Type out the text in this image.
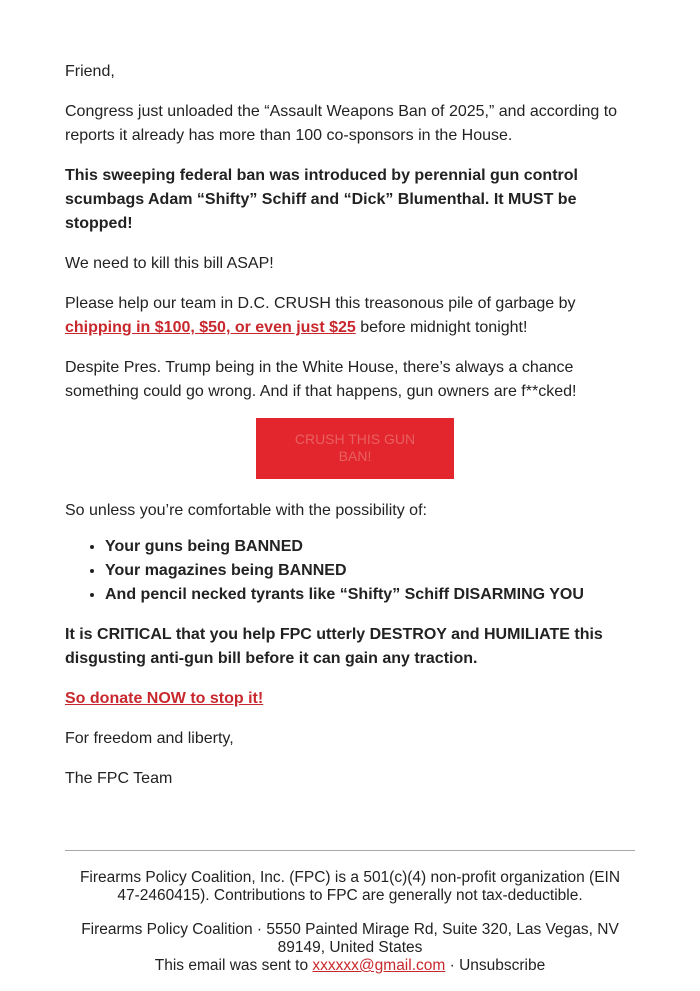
Friend,

Congress just unloaded the “Assault Weapons Ban of 2025,” and according to reports it already has more than 100 co-sponsors in the House.

This sweeping federal ban was introduced by perennial gun control scumbags Adam “Shifty” Schiff and “Dick” Blumenthal. It MUST be stopped!

We need to kill this bill ASAP!

Please help our team in D.C. CRUSH this treasonous pile of garbage by chipping in $100, $50, or even just $25 before midnight tonight!

Despite Pres. Trump being in the White House, there’s always a chance something could go wrong. And if that happens, gun owners are f**cked!

CRUSH THIS GUN BAN!

So unless you’re comfortable with the possibility of:

• Your guns being BANNED
• Your magazines being BANNED
• And pencil necked tyrants like “Shifty” Schiff DISARMING YOU

It is CRITICAL that you help FPC utterly DESTROY and HUMILIATE this disgusting anti-gun bill before it can gain any traction.

So donate NOW to stop it!

For freedom and liberty,

The FPC Team

Firearms Policy Coalition, Inc. (FPC) is a 501(c)(4) non-profit organization (EIN 47-2460415). Contributions to FPC are generally not tax-deductible.
Firearms Policy Coalition · 5550 Painted Mirage Rd, Suite 320, Las Vegas, NV 89149, United States
This email was sent to xxxxxx@gmail.com · Unsubscribe
